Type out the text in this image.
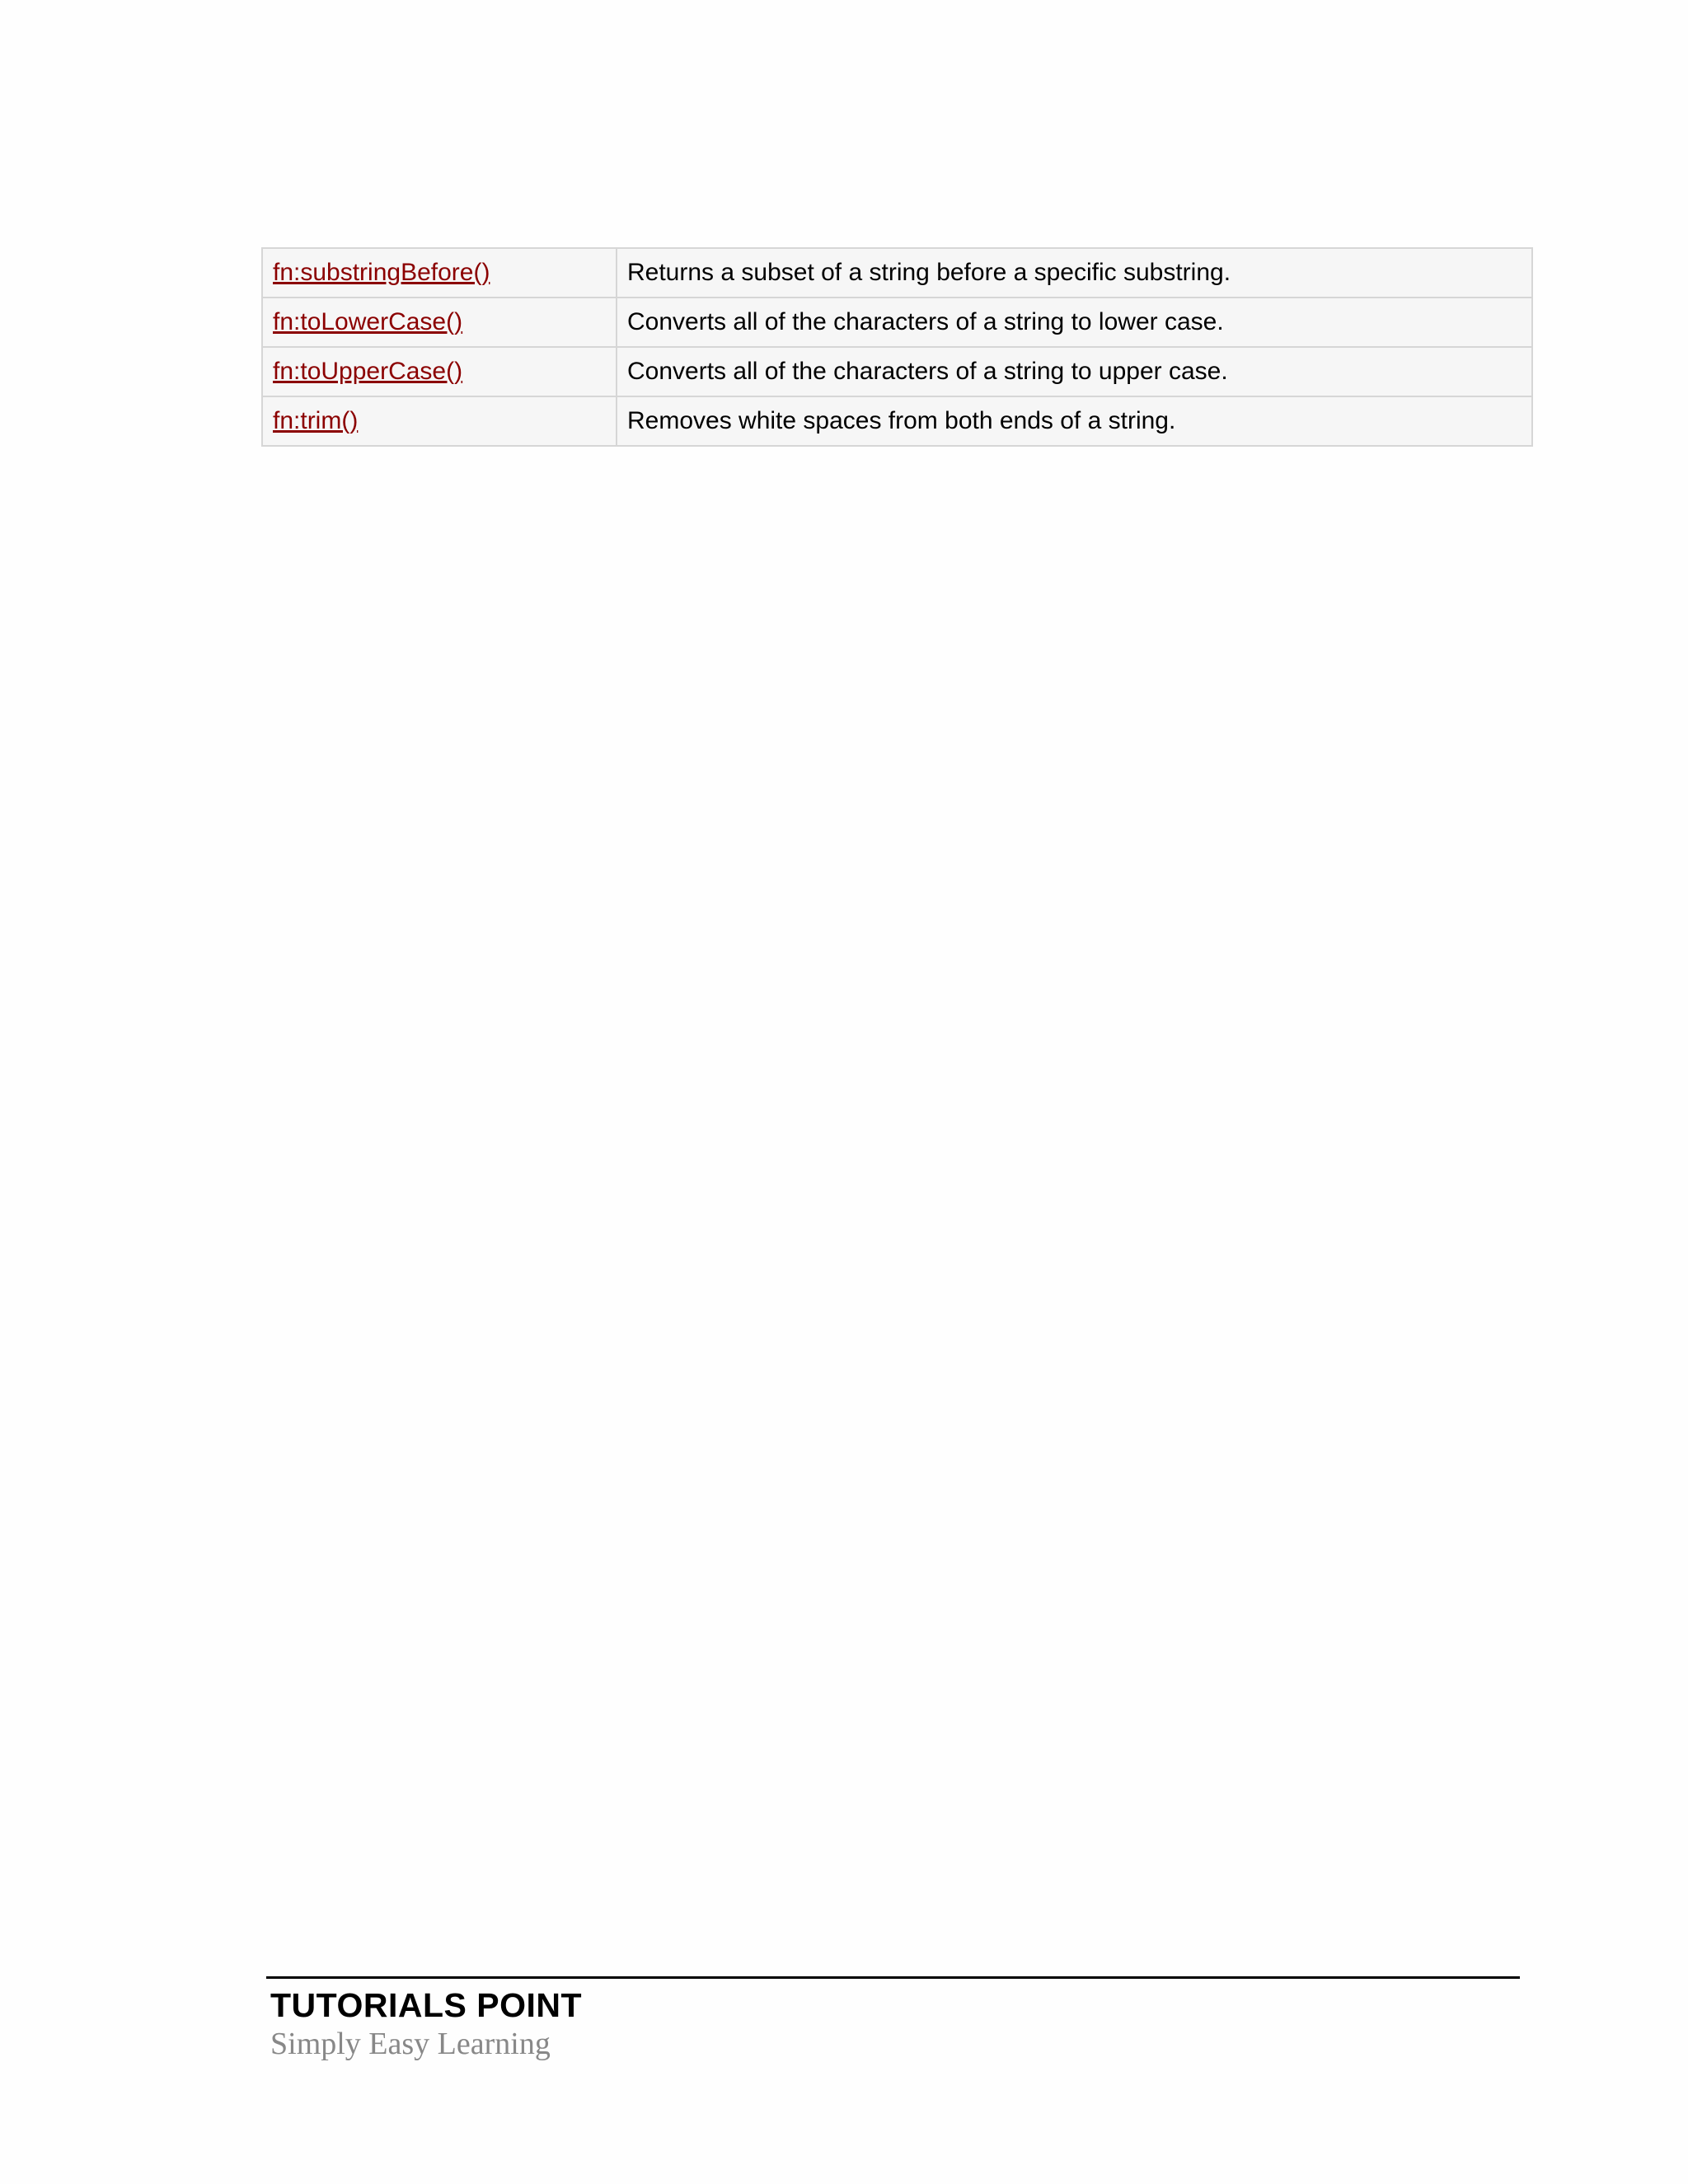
fn:substringBefore()	Returns a subset of a string before a specific substring.
fn:toLowerCase()	Converts all of the characters of a string to lower case.
fn:toUpperCase()	Converts all of the characters of a string to upper case.
fn:trim()	Removes white spaces from both ends of a string.
TUTORIALS POINT
Simply Easy Learning
